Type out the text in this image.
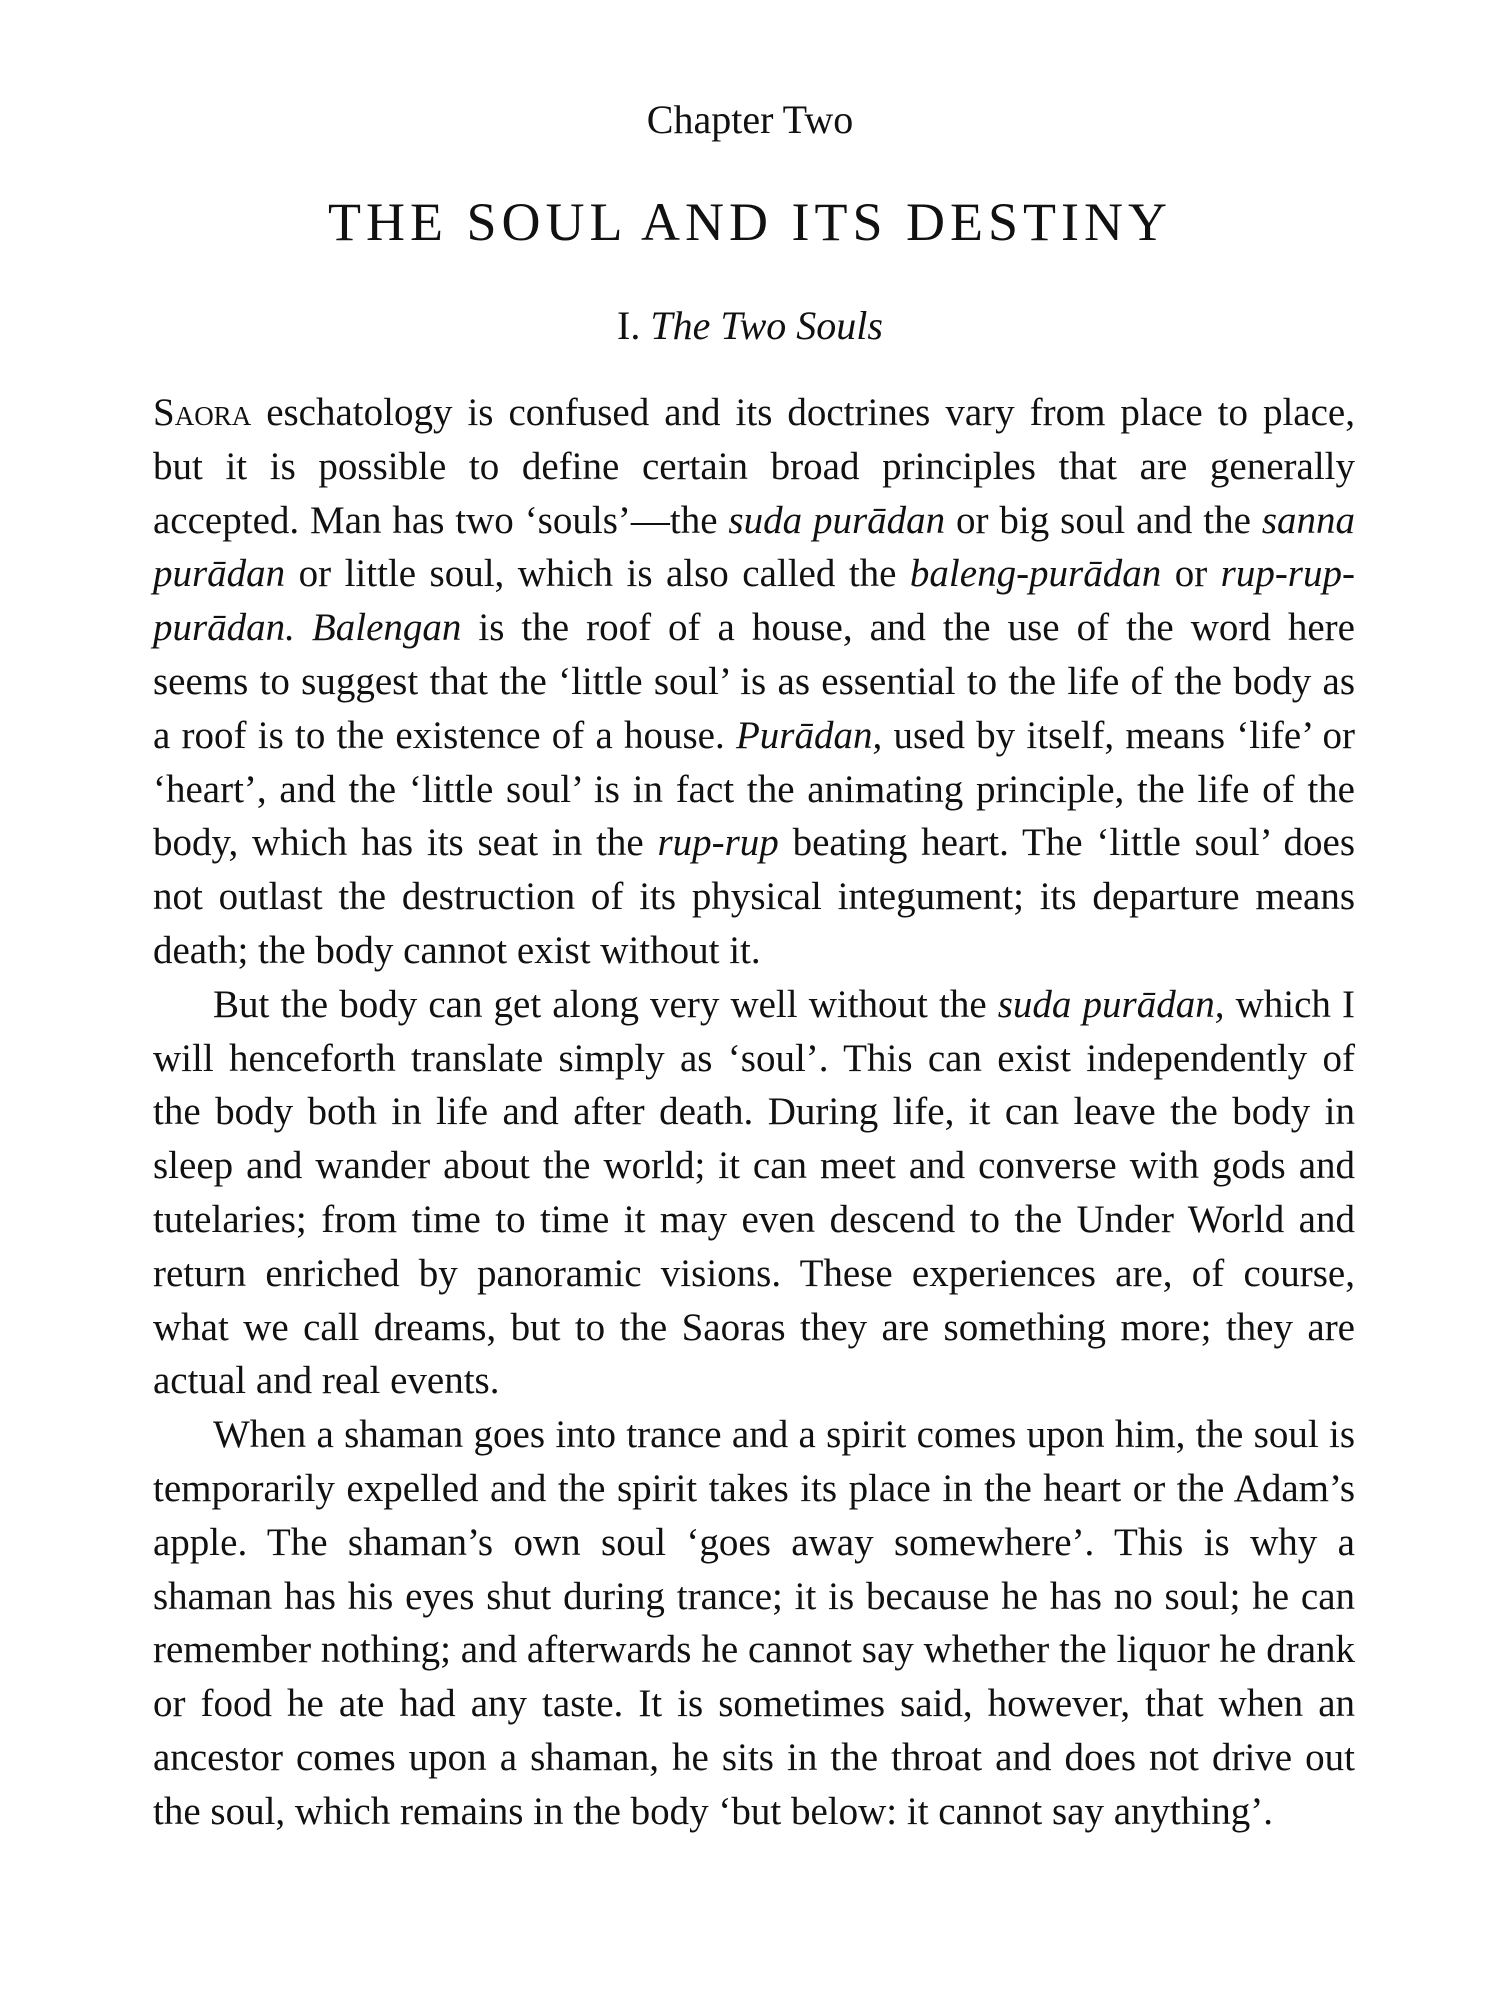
Chapter Two
THE SOUL AND ITS DESTINY
I. The Two Souls

Saora eschatology is confused and its doctrines vary from place to place, but it is possible to define certain broad principles that are generally accepted. Man has two ‘souls’—the suda purādan or big soul and the sanna purādan or little soul, which is also called the baleng-purādan or rup-rup-purādan. Balengan is the roof of a house, and the use of the word here seems to suggest that the ‘little soul’ is as essential to the life of the body as a roof is to the existence of a house. Purādan, used by itself, means ‘life’ or ‘heart’, and the ‘little soul’ is in fact the animating principle, the life of the body, which has its seat in the rup-rup beating heart. The ‘little soul’ does not outlast the destruction of its physical integument; its departure means death; the body cannot exist without it.

But the body can get along very well without the suda purādan, which I will henceforth translate simply as ‘soul’. This can exist independently of the body both in life and after death. During life, it can leave the body in sleep and wander about the world; it can meet and converse with gods and tutelaries; from time to time it may even descend to the Under World and return enriched by panoramic visions. These experiences are, of course, what we call dreams, but to the Saoras they are something more; they are actual and real events.

When a shaman goes into trance and a spirit comes upon him, the soul is temporarily expelled and the spirit takes its place in the heart or the Adam’s apple. The shaman’s own soul ‘goes away somewhere’. This is why a shaman has his eyes shut during trance; it is because he has no soul; he can remember nothing; and afterwards he cannot say whether the liquor he drank or food he ate had any taste. It is sometimes said, however, that when an ancestor comes upon a shaman, he sits in the throat and does not drive out the soul, which remains in the body ‘but below: it cannot say anything’.
